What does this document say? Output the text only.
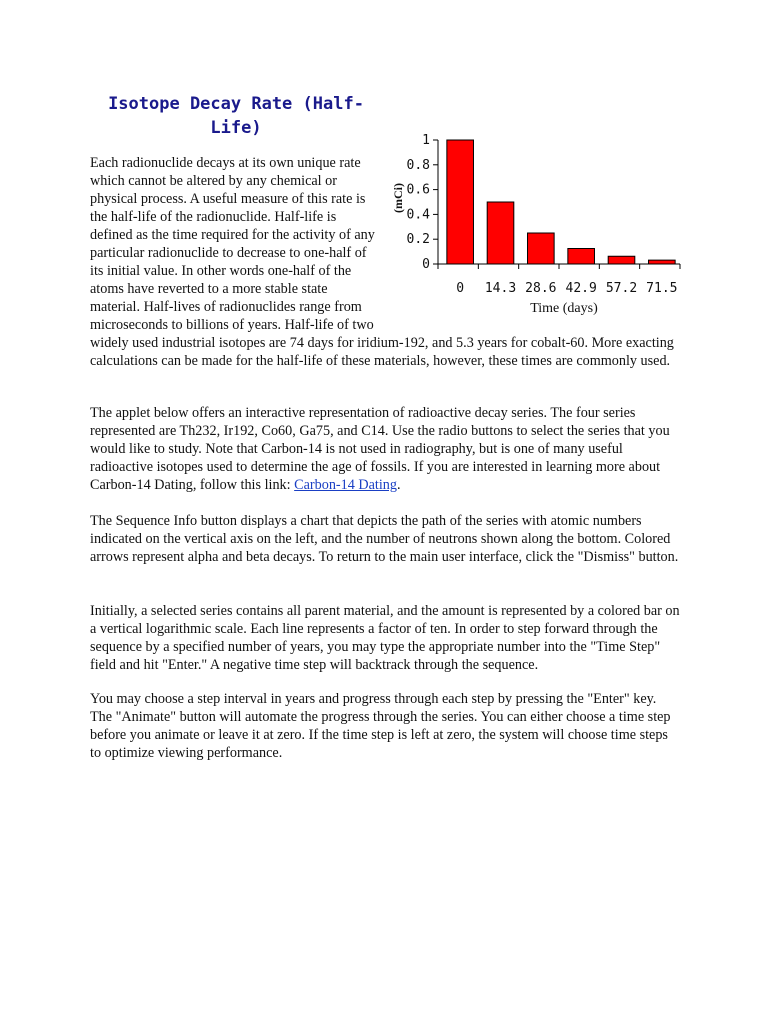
Isotope Decay Rate (Half-Life)
0
0.2
0.4
0.6
0.8
1
(mCi)
0 14.3 28.6 42.9 57.2 71.5
Time (days)

Each radionuclide decays at its own unique rate which cannot be altered by any chemical or physical process. A useful measure of this rate is the half-life of the radionuclide. Half-life is defined as the time required for the activity of any particular radionuclide to decrease to one-half of its initial value. In other words one-half of the atoms have reverted to a more stable state material. Half-lives of radionuclides range from microseconds to billions of years. Half-life of two widely used industrial isotopes are 74 days for iridium-192, and 5.3 years for cobalt-60. More exacting calculations can be made for the half-life of these materials, however, these times are commonly used.

The applet below offers an interactive representation of radioactive decay series. The four series represented are Th232, Ir192, Co60, Ga75, and C14. Use the radio buttons to select the series that you would like to study. Note that Carbon-14 is not used in radiography, but is one of many useful radioactive isotopes used to determine the age of fossils. If you are interested in learning more about Carbon-14 Dating, follow this link: Carbon-14 Dating.

The Sequence Info button displays a chart that depicts the path of the series with atomic numbers indicated on the vertical axis on the left, and the number of neutrons shown along the bottom. Colored arrows represent alpha and beta decays. To return to the main user interface, click the "Dismiss" button.

Initially, a selected series contains all parent material, and the amount is represented by a colored bar on a vertical logarithmic scale. Each line represents a factor of ten. In order to step forward through the sequence by a specified number of years, you may type the appropriate number into the "Time Step" field and hit "Enter." A negative time step will backtrack through the sequence.

You may choose a step interval in years and progress through each step by pressing the "Enter" key. The "Animate" button will automate the progress through the series. You can either choose a time step before you animate or leave it at zero. If the time step is left at zero, the system will choose time steps to optimize viewing performance.
